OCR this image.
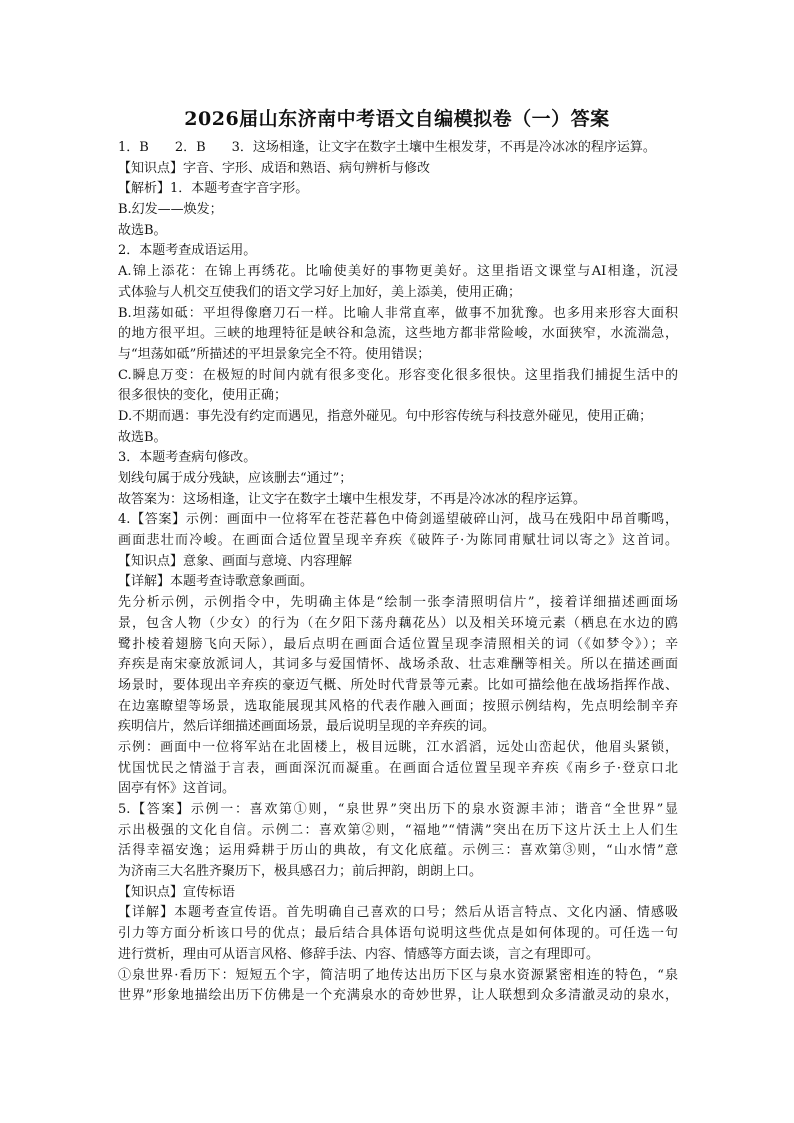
2026届山东济南中考语文自编模拟卷（一）答案
1．B　　2．B　　3．这场相逢，让文字在数字土壤中生根发芽，不再是冷冰冰的程序运算。
【知识点】字音、字形、成语和熟语、病句辨析与修改
【解析】1．本题考查字音字形。
B.幻发——焕发；
故选B。
2．本题考查成语运用。
A.锦上添花：在锦上再绣花。比喻使美好的事物更美好。这里指语文课堂与AI相逢，沉浸
式体验与人机交互使我们的语文学习好上加好，美上添美，使用正确；
B.坦荡如砥：平坦得像磨刀石一样。比喻人非常直率，做事不加犹豫。也多用来形容大面积
的地方很平坦。三峡的地理特征是峡谷和急流，这些地方都非常险峻，水面狭窄，水流湍急，
与“坦荡如砥”所描述的平坦景象完全不符。使用错误；
C.瞬息万变：在极短的时间内就有很多变化。形容变化很多很快。这里指我们捕捉生活中的
很多很快的变化，使用正确；
D.不期而遇：事先没有约定而遇见，指意外碰见。句中形容传统与科技意外碰见，使用正确；
故选B。
3．本题考查病句修改。
划线句属于成分残缺，应该删去“通过”；
故答案为：这场相逢，让文字在数字土壤中生根发芽，不再是冷冰冰的程序运算。
4.【答案】示例：画面中一位将军在苍茫暮色中倚剑遥望破碎山河，战马在残阳中昂首嘶鸣，
画面悲壮而冷峻。在画面合适位置呈现辛弃疾《破阵子·为陈同甫赋壮词以寄之》这首词。
【知识点】意象、画面与意境、内容理解
【详解】本题考查诗歌意象画面。
先分析示例，示例指令中，先明确主体是“绘制一张李清照明信片”，接着详细描述画面场
景，包含人物（少女）的行为（在夕阳下荡舟藕花丛）以及相关环境元素（栖息在水边的鸥
鹭扑棱着翅膀飞向天际），最后点明在画面合适位置呈现李清照相关的词（《如梦令》）；辛
弃疾是南宋豪放派词人，其词多与爱国情怀、战场杀敌、壮志难酬等相关。所以在描述画面
场景时，要体现出辛弃疾的豪迈气概、所处时代背景等元素。比如可描绘他在战场指挥作战、
在边塞瞭望等场景，选取能展现其风格的代表作融入画面；按照示例结构，先点明绘制辛弃
疾明信片，然后详细描述画面场景，最后说明呈现的辛弃疾的词。
示例：画面中一位将军站在北固楼上，极目远眺，江水滔滔，远处山峦起伏，他眉头紧锁，
忧国忧民之情溢于言表，画面深沉而凝重。在画面合适位置呈现辛弃疾《南乡子·登京口北
固亭有怀》这首词。
5.【答案】示例一：喜欢第①则，“泉世界”突出历下的泉水资源丰沛；谐音“全世界”显
示出极强的文化自信。示例二：喜欢第②则，“福地”“情满”突出在历下这片沃土上人们生
活得幸福安逸；运用舜耕于历山的典故，有文化底蕴。示例三：喜欢第③则，“山水情”意
为济南三大名胜齐聚历下，极具感召力；前后押韵，朗朗上口。
【知识点】宣传标语
【详解】本题考查宣传语。首先明确自己喜欢的口号；然后从语言特点、文化内涵、情感吸
引力等方面分析该口号的优点；最后结合具体语句说明这些优点是如何体现的。可任选一句
进行赏析，理由可从语言风格、修辞手法、内容、情感等方面去谈，言之有理即可。
①泉世界·看历下：短短五个字，简洁明了地传达出历下区与泉水资源紧密相连的特色，“泉
世界”形象地描绘出历下仿佛是一个充满泉水的奇妙世界，让人联想到众多清澈灵动的泉水，
